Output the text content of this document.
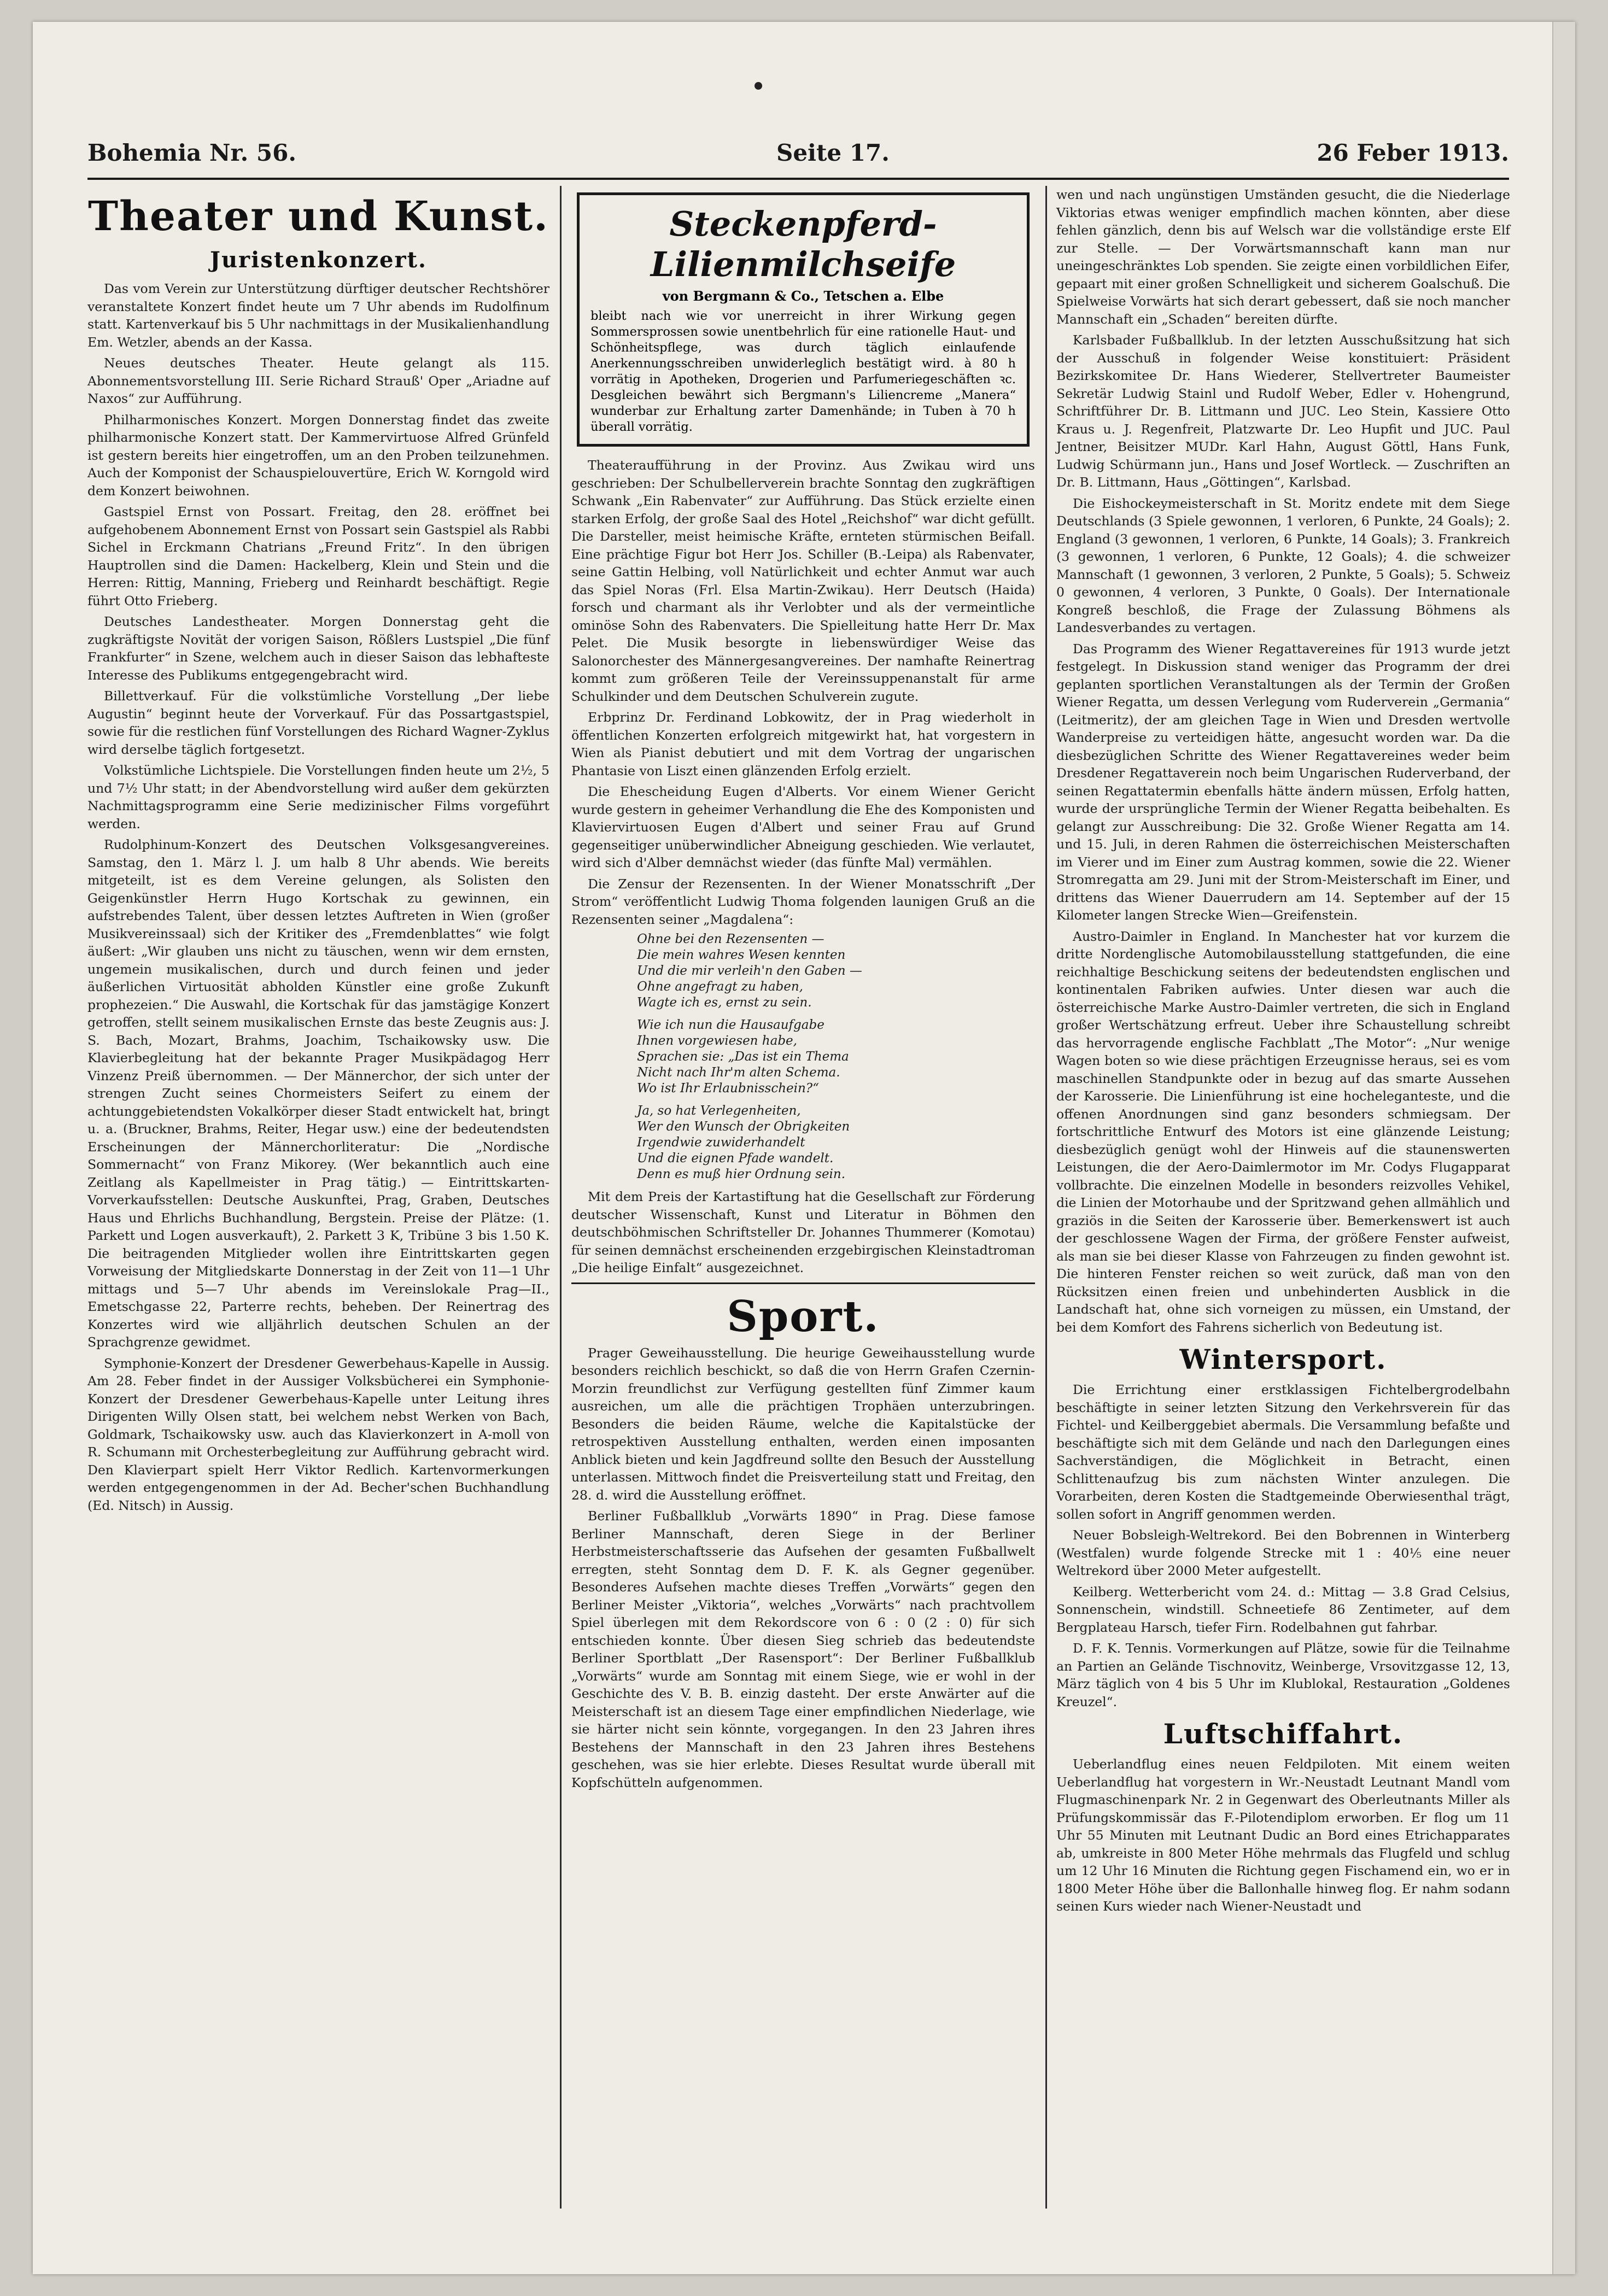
Bohemia Nr. 56.	Seite 17.	26 Feber 1913.
Theater und Kunst.
Juristenkonzert.

Das vom Verein zur Unterstützung dürftiger deutscher Rechtshörer veranstaltete Konzert findet heute um 7 Uhr abends im Rudolfinum statt. Kartenverkauf bis 5 Uhr nachmittags in der Musikalienhandlung Em. Wetzler, abends an der Kassa.

Neues deutsches Theater. Heute gelangt als 115. Abonnementsvorstellung III. Serie Richard Strauß' Oper „Ariadne auf Naxos“ zur Aufführung.

Philharmonisches Konzert. Morgen Donnerstag findet das zweite philharmonische Konzert statt. Der Kammervirtuose Alfred Grünfeld ist gestern bereits hier eingetroffen, um an den Proben teilzunehmen. Auch der Komponist der Schauspielouvertüre, Erich W. Korngold wird dem Konzert beiwohnen.

Gastspiel Ernst von Possart. Freitag, den 28. eröffnet bei aufgehobenem Abonnement Ernst von Possart sein Gastspiel als Rabbi Sichel in Erckmann Chatrians „Freund Fritz“. In den übrigen Hauptrollen sind die Damen: Hackelberg, Klein und Stein und die Herren: Rittig, Manning, Frieberg und Reinhardt beschäftigt. Regie führt Otto Frieberg.

Deutsches Landestheater. Morgen Donnerstag geht die zugkräftigste Novität der vorigen Saison, Rößlers Lustspiel „Die fünf Frankfurter“ in Szene, welchem auch in dieser Saison das lebhafteste Interesse des Publikums entgegengebracht wird.

Billettverkauf. Für die volkstümliche Vorstellung „Der liebe Augustin“ beginnt heute der Vorverkauf. Für das Possartgastspiel, sowie für die restlichen fünf Vorstellungen des Richard Wagner-Zyklus wird derselbe täglich fortgesetzt.

Volkstümliche Lichtspiele. Die Vorstellungen finden heute um 2½, 5 und 7½ Uhr statt; in der Abendvorstellung wird außer dem gekürzten Nachmittagsprogramm eine Serie medizinischer Films vorgeführt werden.

Rudolphinum-Konzert des Deutschen Volksgesangvereines. Samstag, den 1. März l. J. um halb 8 Uhr abends. Wie bereits mitgeteilt, ist es dem Vereine gelungen, als Solisten den Geigenkünstler Herrn Hugo Kortschak zu gewinnen, ein aufstrebendes Talent, über dessen letztes Auftreten in Wien (großer Musikvereinssaal) sich der Kritiker des „Fremdenblattes“ wie folgt äußert: „Wir glauben uns nicht zu täuschen, wenn wir dem ernsten, ungemein musikalischen, durch und durch feinen und jeder äußerlichen Virtuosität abholden Künstler eine große Zukunft prophezeien.“ Die Auswahl, die Kortschak für das jamstägige Konzert getroffen, stellt seinem musikalischen Ernste das beste Zeugnis aus: J. S. Bach, Mozart, Brahms, Joachim, Tschaikowsky usw. Die Klavierbegleitung hat der bekannte Prager Musikpädagog Herr Vinzenz Preiß übernommen. — Der Männerchor, der sich unter der strengen Zucht seines Chormeisters Seifert zu einem der achtunggebietendsten Vokalkörper dieser Stadt entwickelt hat, bringt u. a. (Bruckner, Brahms, Reiter, Hegar usw.) eine der bedeutendsten Erscheinungen der Männerchorliteratur: Die „Nordische Sommernacht“ von Franz Mikorey. (Wer bekanntlich auch eine Zeitlang als Kapellmeister in Prag tätig.) — Eintrittskarten-Vorverkaufsstellen: Deutsche Auskunftei, Prag, Graben, Deutsches Haus und Ehrlichs Buchhandlung, Bergstein. Preise der Plätze: (1. Parkett und Logen ausverkauft), 2. Parkett 3 K, Tribüne 3 bis 1.50 K. Die beitragenden Mitglieder wollen ihre Eintrittskarten gegen Vorweisung der Mitgliedskarte Donnerstag in der Zeit von 11—1 Uhr mittags und 5—7 Uhr abends im Vereinslokale Prag—II., Emetschgasse 22, Parterre rechts, beheben. Der Reinertrag des Konzertes wird wie alljährlich deutschen Schulen an der Sprachgrenze gewidmet.

Symphonie-Konzert der Dresdener Gewerbehaus-Kapelle in Aussig. Am 28. Feber findet in der Aussiger Volksbücherei ein Symphonie-Konzert der Dresdener Gewerbehaus-Kapelle unter Leitung ihres Dirigenten Willy Olsen statt, bei welchem nebst Werken von Bach, Goldmark, Tschaikowsky usw. auch das Klavierkonzert in A-moll von R. Schumann mit Orchesterbegleitung zur Aufführung gebracht wird. Den Klavierpart spielt Herr Viktor Redlich. Kartenvormerkungen werden entgegengenommen in der Ad. Becher'schen Buchhandlung (Ed. Nitsch) in Aussig.

Steckenpferd-Lilienmilchseife
von Bergmann & Co., Tetschen a. Elbe
bleibt nach wie vor unerreicht in ihrer Wirkung gegen Sommersprossen sowie unentbehrlich für eine rationelle Haut- und Schönheitspflege, was durch täglich einlaufende Anerkennungsschreiben unwiderleglich bestätigt wird. à 80 h vorrätig in Apotheken, Drogerien und Parfumeriegeschäften ꝛc. Desgleichen bewährt sich Bergmann's Liliencreme „Manera“ wunderbar zur Erhaltung zarter Damenhände; in Tuben à 70 h überall vorrätig.

Theateraufführung in der Provinz. Aus Zwikau wird uns geschrieben: Der Schulbellerverein brachte Sonntag den zugkräftigen Schwank „Ein Rabenvater“ zur Aufführung. Das Stück erzielte einen starken Erfolg, der große Saal des Hotel „Reichshof“ war dicht gefüllt. Die Darsteller, meist heimische Kräfte, ernteten stürmischen Beifall. Eine prächtige Figur bot Herr Jos. Schiller (B.-Leipa) als Rabenvater, seine Gattin Helbing, voll Natürlichkeit und echter Anmut war auch das Spiel Noras (Frl. Elsa Martin-Zwikau). Herr Deutsch (Haida) forsch und charmant als ihr Verlobter und als der vermeintliche ominöse Sohn des Rabenvaters. Die Spielleitung hatte Herr Dr. Max Pelet. Die Musik besorgte in liebenswürdiger Weise das Salonorchester des Männergesangvereines. Der namhafte Reinertrag kommt zum größeren Teile der Vereinssuppenanstalt für arme Schulkinder und dem Deutschen Schulverein zugute.

Erbprinz Dr. Ferdinand Lobkowitz, der in Prag wiederholt in öffentlichen Konzerten erfolgreich mitgewirkt hat, hat vorgestern in Wien als Pianist debutiert und mit dem Vortrag der ungarischen Phantasie von Liszt einen glänzenden Erfolg erzielt.

Die Ehescheidung Eugen d'Alberts. Vor einem Wiener Gericht wurde gestern in geheimer Verhandlung die Ehe des Komponisten und Klaviervirtuosen Eugen d'Albert und seiner Frau auf Grund gegenseitiger unüberwindlicher Abneigung geschieden. Wie verlautet, wird sich d'Alber demnächst wieder (das fünfte Mal) vermählen.

Die Zensur der Rezensenten. In der Wiener Monatsschrift „Der Strom“ veröffentlicht Ludwig Thoma folgenden launigen Gruß an die Rezensenten seiner „Magdalena“:

Ohne bei den Rezensenten —
Die mein wahres Wesen kennten
Und die mir verleih'n den Gaben —
Ohne angefragt zu haben,
Wagte ich es, ernst zu sein.
Wie ich nun die Hausaufgabe
Ihnen vorgewiesen habe,
Sprachen sie: „Das ist ein Thema
Nicht nach Ihr'm alten Schema.
Wo ist Ihr Erlaubnisschein?“
Ja, so hat Verlegenheiten,
Wer den Wunsch der Obrigkeiten
Irgendwie zuwiderhandelt
Und die eignen Pfade wandelt.
Denn es muß hier Ordnung sein.

Mit dem Preis der Kartastiftung hat die Gesellschaft zur Förderung deutscher Wissenschaft, Kunst und Literatur in Böhmen den deutschböhmischen Schriftsteller Dr. Johannes Thummerer (Komotau) für seinen demnächst erscheinenden erzgebirgischen Kleinstadtroman „Die heilige Einfalt“ ausgezeichnet.

Sport.

Prager Geweihausstellung. Die heurige Geweihausstellung wurde besonders reichlich beschickt, so daß die von Herrn Grafen Czernin-Morzin freundlichst zur Verfügung gestellten fünf Zimmer kaum ausreichen, um alle die prächtigen Trophäen unterzubringen. Besonders die beiden Räume, welche die Kapitalstücke der retrospektiven Ausstellung enthalten, werden einen imposanten Anblick bieten und kein Jagdfreund sollte den Besuch der Ausstellung unterlassen. Mittwoch findet die Preisverteilung statt und Freitag, den 28. d. wird die Ausstellung eröffnet.

Berliner Fußballklub „Vorwärts 1890“ in Prag. Diese famose Berliner Mannschaft, deren Siege in der Berliner Herbstmeisterschaftsserie das Aufsehen der gesamten Fußballwelt erregten, steht Sonntag dem D. F. K. als Gegner gegenüber. Besonderes Aufsehen machte dieses Treffen „Vorwärts“ gegen den Berliner Meister „Viktoria“, welches „Vorwärts“ nach prachtvollem Spiel überlegen mit dem Rekordscore von 6 : 0 (2 : 0) für sich entschieden konnte. Über diesen Sieg schrieb das bedeutendste Berliner Sportblatt „Der Rasensport“: Der Berliner Fußballklub „Vorwärts“ wurde am Sonntag mit einem Siege, wie er wohl in der Geschichte des V. B. B. einzig dasteht. Der erste Anwärter auf die Meisterschaft ist an diesem Tage einer empfindlichen Niederlage, wie sie härter nicht sein könnte, vorgegangen. In den 23 Jahren ihres Bestehens der Mannschaft in den 23 Jahren ihres Bestehens geschehen, was sie hier erlebte. Dieses Resultat wurde überall mit Kopfschütteln aufgenommen.

wen und nach ungünstigen Umständen gesucht, die die Niederlage Viktorias etwas weniger empfindlich machen könnten, aber diese fehlen gänzlich, denn bis auf Welsch war die vollständige erste Elf zur Stelle. — Der Vorwärtsmannschaft kann man nur uneingeschränktes Lob spenden. Sie zeigte einen vorbildlichen Eifer, gepaart mit einer großen Schnelligkeit und sicherem Goalschuß. Die Spielweise Vorwärts hat sich derart gebessert, daß sie noch mancher Mannschaft ein „Schaden“ bereiten dürfte.

Karlsbader Fußballklub. In der letzten Ausschußsitzung hat sich der Ausschuß in folgender Weise konstituiert: Präsident Bezirkskomitee Dr. Hans Wiederer, Stellvertreter Baumeister Sekretär Ludwig Stainl und Rudolf Weber, Edler v. Hohengrund, Schriftführer Dr. B. Littmann und JUC. Leo Stein, Kassiere Otto Kraus u. J. Regenfreit, Platzwarte Dr. Leo Hupfit und JUC. Paul Jentner, Beisitzer MUDr. Karl Hahn, August Göttl, Hans Funk, Ludwig Schürmann jun., Hans und Josef Wortleck. — Zuschriften an Dr. B. Littmann, Haus „Göttingen“, Karlsbad.

Die Eishockeymeisterschaft in St. Moritz endete mit dem Siege Deutschlands (3 Spiele gewonnen, 1 verloren, 6 Punkte, 24 Goals); 2. England (3 gewonnen, 1 verloren, 6 Punkte, 14 Goals); 3. Frankreich (3 gewonnen, 1 verloren, 6 Punkte, 12 Goals); 4. die schweizer Mannschaft (1 gewonnen, 3 verloren, 2 Punkte, 5 Goals); 5. Schweiz 0 gewonnen, 4 verloren, 3 Punkte, 0 Goals). Der Internationale Kongreß beschloß, die Frage der Zulassung Böhmens als Landesverbandes zu vertagen.

Das Programm des Wiener Regattavereines für 1913 wurde jetzt festgelegt. In Diskussion stand weniger das Programm der drei geplanten sportlichen Veranstaltungen als der Termin der Großen Wiener Regatta, um dessen Verlegung vom Ruderverein „Germania“ (Leitmeritz), der am gleichen Tage in Wien und Dresden wertvolle Wanderpreise zu verteidigen hätte, angesucht worden war. Da die diesbezüglichen Schritte des Wiener Regattavereines weder beim Dresdener Regattaverein noch beim Ungarischen Ruderverband, der seinen Regattatermin ebenfalls hätte ändern müssen, Erfolg hatten, wurde der ursprüngliche Termin der Wiener Regatta beibehalten. Es gelangt zur Ausschreibung: Die 32. Große Wiener Regatta am 14. und 15. Juli, in deren Rahmen die österreichischen Meisterschaften im Vierer und im Einer zum Austrag kommen, sowie die 22. Wiener Stromregatta am 29. Juni mit der Strom-Meisterschaft im Einer, und drittens das Wiener Dauerrudern am 14. September auf der 15 Kilometer langen Strecke Wien—Greifenstein.

Austro-Daimler in England. In Manchester hat vor kurzem die dritte Nordenglische Automobilausstellung stattgefunden, die eine reichhaltige Beschickung seitens der bedeutendsten englischen und kontinentalen Fabriken aufwies. Unter diesen war auch die österreichische Marke Austro-Daimler vertreten, die sich in England großer Wertschätzung erfreut. Ueber ihre Schaustellung schreibt das hervorragende englische Fachblatt „The Motor“: „Nur wenige Wagen boten so wie diese prächtigen Erzeugnisse heraus, sei es vom maschinellen Standpunkte oder in bezug auf das smarte Aussehen der Karosserie. Die Linienführung ist eine hocheleganteste, und die offenen Anordnungen sind ganz besonders schmiegsam. Der fortschrittliche Entwurf des Motors ist eine glänzende Leistung; diesbezüglich genügt wohl der Hinweis auf die staunenswerten Leistungen, die der Aero-Daimlermotor im Mr. Codys Flugapparat vollbrachte. Die einzelnen Modelle in besonders reizvolles Vehikel, die Linien der Motorhaube und der Spritzwand gehen allmählich und graziös in die Seiten der Karosserie über. Bemerkenswert ist auch der geschlossene Wagen der Firma, der größere Fenster aufweist, als man sie bei dieser Klasse von Fahrzeugen zu finden gewohnt ist. Die hinteren Fenster reichen so weit zurück, daß man von den Rücksitzen einen freien und unbehinderten Ausblick in die Landschaft hat, ohne sich vorneigen zu müssen, ein Umstand, der bei dem Komfort des Fahrens sicherlich von Bedeutung ist.

Wintersport.

Die Errichtung einer erstklassigen Fichtelbergrodelbahn beschäftigte in seiner letzten Sitzung den Verkehrsverein für das Fichtel- und Keilberggebiet abermals. Die Versammlung befaßte und beschäftigte sich mit dem Gelände und nach den Darlegungen eines Sachverständigen, die Möglichkeit in Betracht, einen Schlittenaufzug bis zum nächsten Winter anzulegen. Die Vorarbeiten, deren Kosten die Stadtgemeinde Oberwiesenthal trägt, sollen sofort in Angriff genommen werden.

Neuer Bobsleigh-Weltrekord. Bei den Bobrennen in Winterberg (Westfalen) wurde folgende Strecke mit 1 : 40⅕ eine neuer Weltrekord über 2000 Meter aufgestellt.

Keilberg. Wetterbericht vom 24. d.: Mittag — 3.8 Grad Celsius, Sonnenschein, windstill. Schneetiefe 86 Zentimeter, auf dem Bergplateau Harsch, tiefer Firn. Rodelbahnen gut fahrbar.

D. F. K. Tennis. Vormerkungen auf Plätze, sowie für die Teilnahme an Partien an Gelände Tischnovitz, Weinberge, Vrsovitzgasse 12, 13, März täglich von 4 bis 5 Uhr im Klublokal, Restauration „Goldenes Kreuzel“.

Luftschiffahrt.

Ueberlandflug eines neuen Feldpiloten. Mit einem weiten Ueberlandflug hat vorgestern in Wr.-Neustadt Leutnant Mandl vom Flugmaschinenpark Nr. 2 in Gegenwart des Oberleutnants Miller als Prüfungskommissär das F.-Pilotendiplom erworben. Er flog um 11 Uhr 55 Minuten mit Leutnant Dudic an Bord eines Etrichapparates ab, umkreiste in 800 Meter Höhe mehrmals das Flugfeld und schlug um 12 Uhr 16 Minuten die Richtung gegen Fischamend ein, wo er in 1800 Meter Höhe über die Ballonhalle hinweg flog. Er nahm sodann seinen Kurs wieder nach Wiener-Neustadt und
